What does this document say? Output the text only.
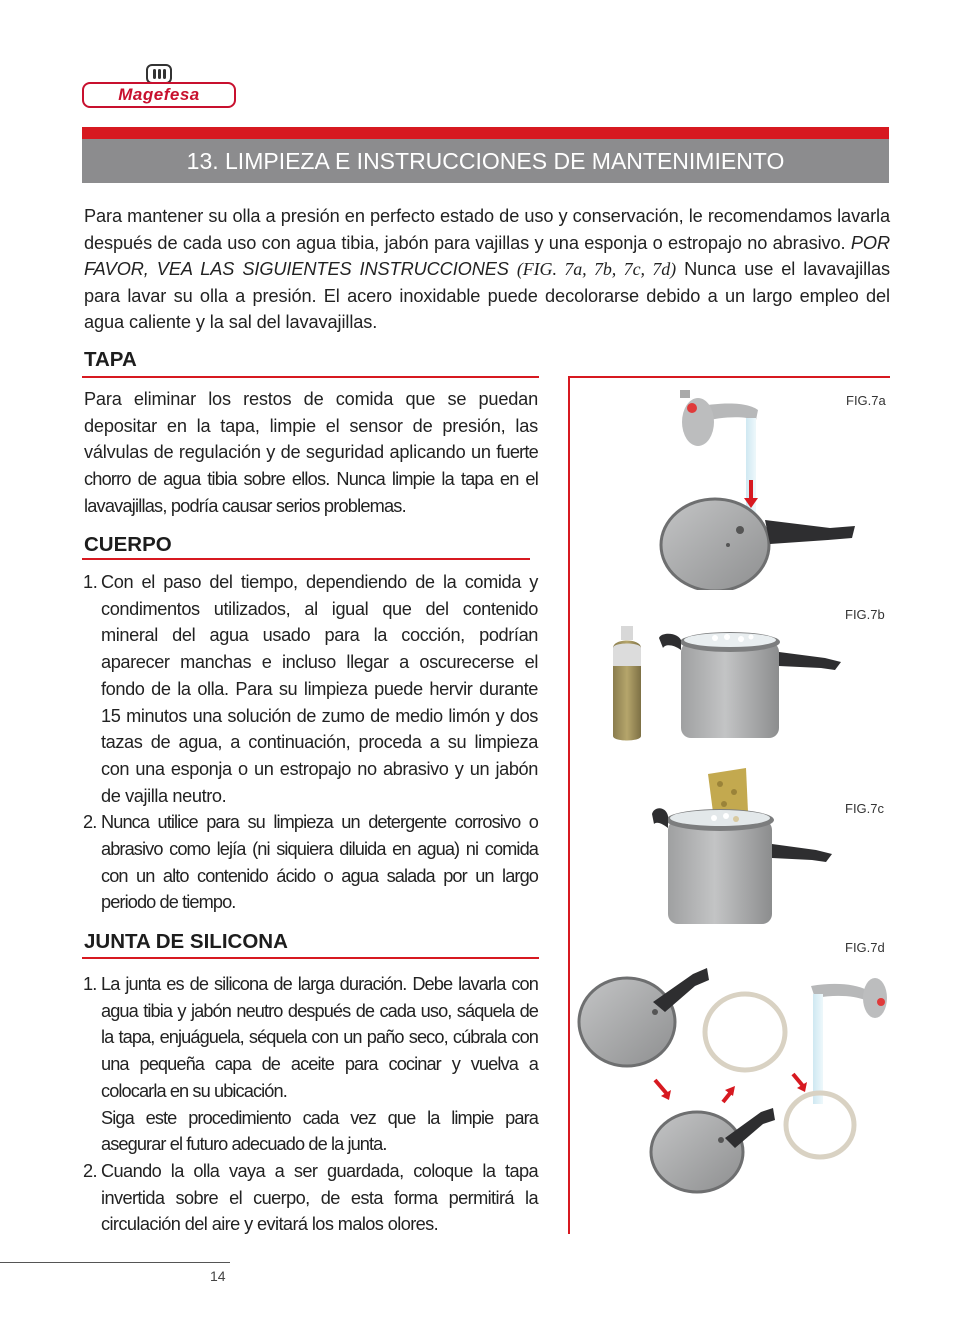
Magefesa
13. LIMPIEZA E INSTRUCCIONES DE MANTENIMIENTO
Para mantener su olla a presión en perfecto estado de uso y conservación, le recomendamos lavarla después de cada uso con agua tibia, jabón para vajillas y una esponja o estropajo no abrasivo. POR FAVOR, VEA LAS SIGUIENTES INSTRUCCIONES (FIG. 7a, 7b, 7c, 7d) Nunca use el lavavajillas para lavar su olla a presión. El acero inoxidable puede decolorarse debido a un largo empleo del agua caliente y la sal del lavavajillas.
TAPA
Para eliminar los restos de comida que se puedan depositar en la tapa, limpie el sensor de presión, las válvulas de regulación y de seguridad aplicando un fuerte chorro de agua tibia sobre ellos. Nunca limpie la tapa en el lavavajillas, podría causar serios problemas.
CUERPO
1. Con el paso del tiempo, dependiendo de la comida y condimentos utilizados, al igual que del contenido mineral del agua usado para la cocción, podrían aparecer manchas e incluso llegar a oscurecerse el fondo de la olla. Para su limpieza puede hervir durante 15 minutos una solución de zumo de medio limón y dos tazas de agua, a continuación, proceda a su limpieza con una esponja o un estropajo no abrasivo y un jabón de vajilla neutro.
2. Nunca utilice para su limpieza un detergente corrosivo o abrasivo como lejía (ni siquiera diluida en agua) ni comida con un alto contenido ácido o agua salada por un largo periodo de tiempo.
JUNTA DE SILICONA
1. La junta es de silicona de larga duración. Debe lavarla con agua tibia y jabón neutro después de cada uso, sáquela de la tapa, enjuáguela, séquela con un paño seco, cúbrala con una pequeña capa de aceite para cocinar y vuelva a colocarla en su ubicación.
Siga este procedimiento cada vez que la limpie para asegurar el futuro adecuado de la junta.
2. Cuando la olla vaya a ser guardada, coloque la tapa invertida sobre el cuerpo, de esta forma permitirá la circulación del aire y evitará los malos olores.
FIG.7a
FIG.7b
FIG.7c
FIG.7d
14
